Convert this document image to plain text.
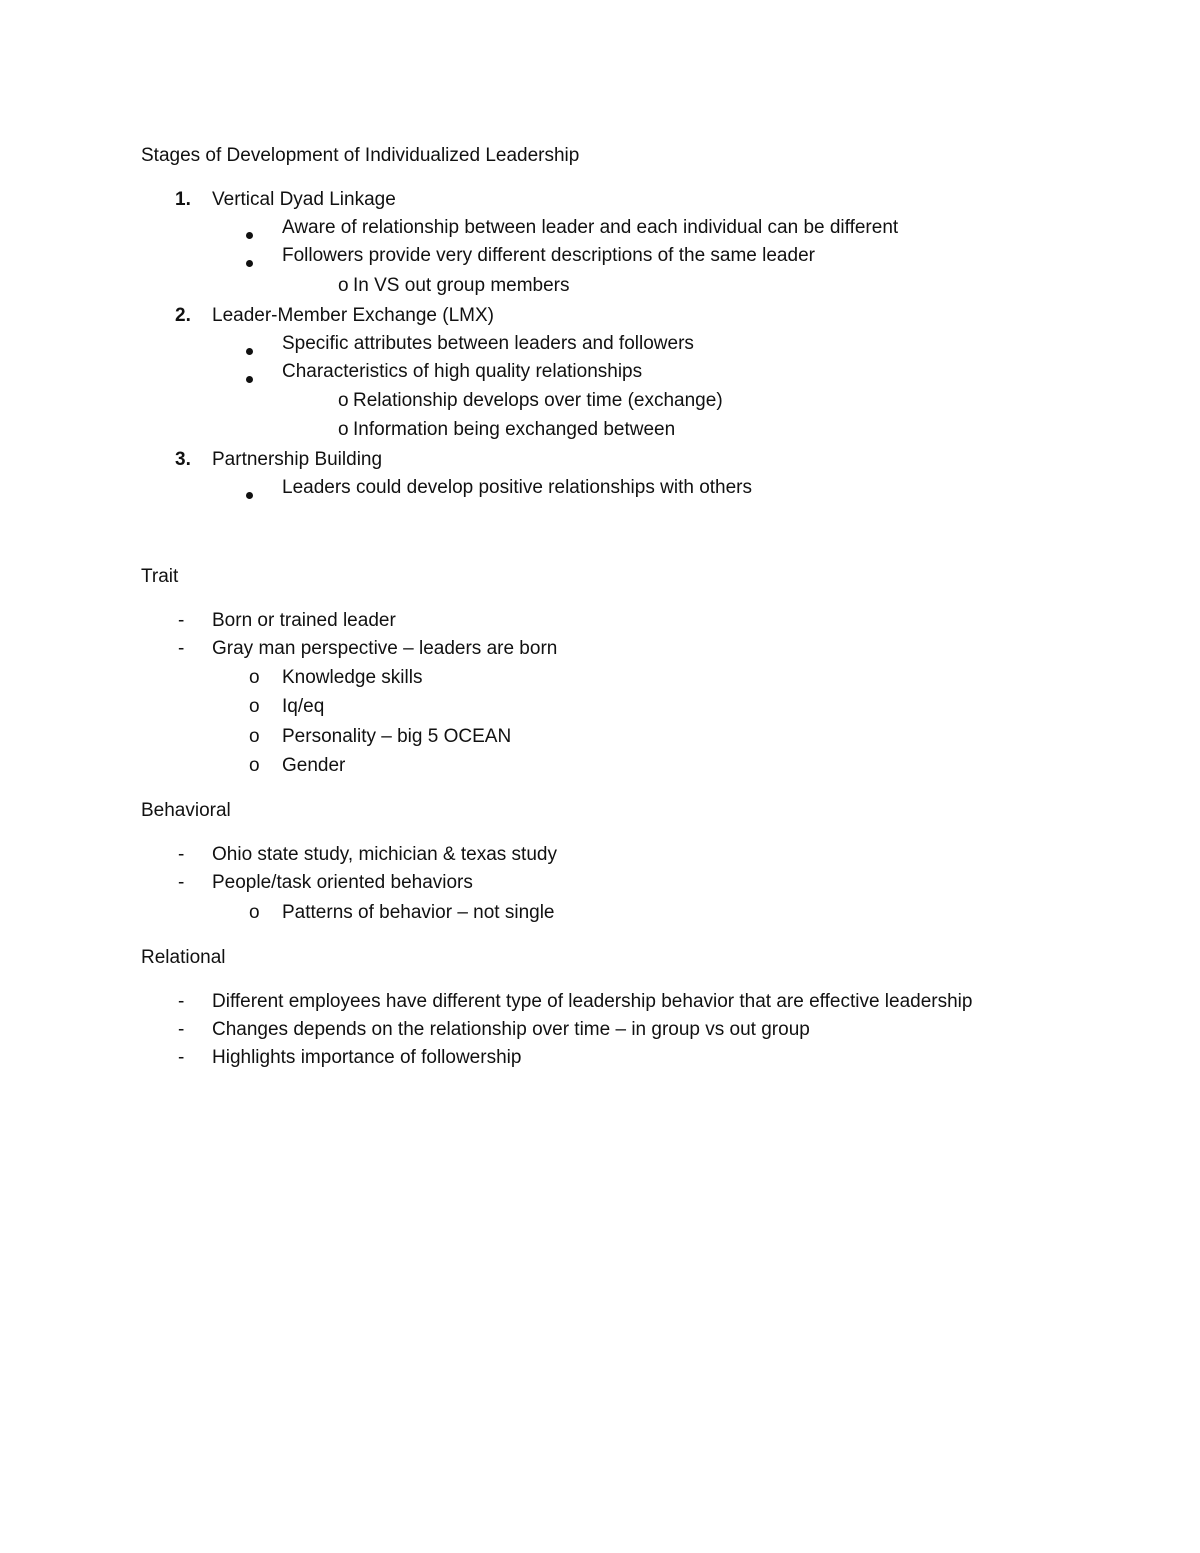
Stages of Development of Individualized Leadership
1. Vertical Dyad Linkage
Aware of relationship between leader and each individual can be different
Followers provide very different descriptions of the same leader
o In VS out group members
2. Leader-Member Exchange (LMX)
Specific attributes between leaders and followers
Characteristics of high quality relationships
o Relationship develops over time (exchange)
o Information being exchanged between
3. Partnership Building
Leaders could develop positive relationships with others
Trait
- Born or trained leader
- Gray man perspective – leaders are born
o Knowledge skills
o Iq/eq
o Personality – big 5 OCEAN
o Gender
Behavioral
- Ohio state study, michician & texas study
- People/task oriented behaviors
o Patterns of behavior – not single
Relational
- Different employees have different type of leadership behavior that are effective leadership
- Changes depends on the relationship over time – in group vs out group
- Highlights importance of followership
